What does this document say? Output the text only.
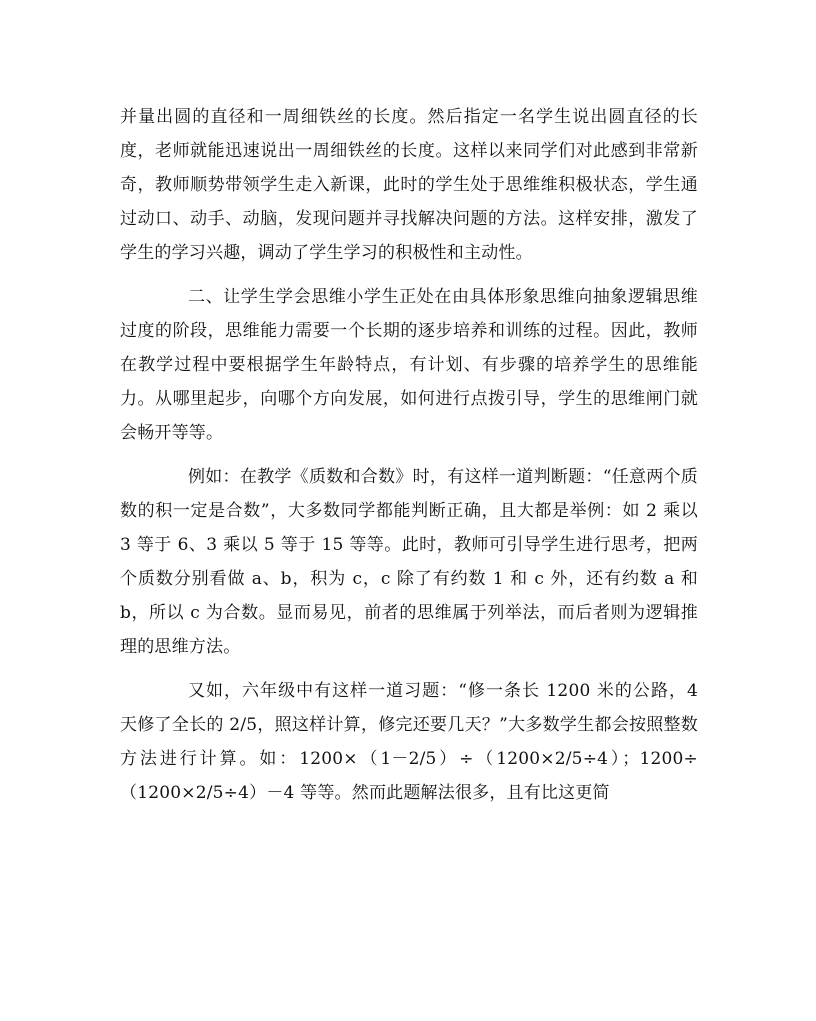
并量出圆的直径和一周细铁丝的长度。然后指定一名学生说出圆直径的长度，老师就能迅速说出一周细铁丝的长度。这样以来同学们对此感到非常新奇，教师顺势带领学生走入新课，此时的学生处于思维维积极状态，学生通过动口、动手、动脑，发现问题并寻找解决问题的方法。这样安排，激发了学生的学习兴趣，调动了学生学习的积极性和主动性。

二、让学生学会思维小学生正处在由具体形象思维向抽象逻辑思维过度的阶段，思维能力需要一个长期的逐步培养和训练的过程。因此，教师在教学过程中要根据学生年龄特点，有计划、有步骤的培养学生的思维能力。从哪里起步，向哪个方向发展，如何进行点拨引导，学生的思维闸门就会畅开等等。

例如：在教学《质数和合数》时，有这样一道判断题：“任意两个质数的积一定是合数”，大多数同学都能判断正确，且大都是举例：如 2 乘以 3 等于 6、3 乘以 5 等于 15 等等。此时，教师可引导学生进行思考，把两个质数分别看做 a、b，积为 c，c 除了有约数 1 和 c 外，还有约数 a 和 b，所以 c 为合数。显而易见，前者的思维属于列举法，而后者则为逻辑推理的思维方法。

又如，六年级中有这样一道习题：“修一条长 1200 米的公路，4 天修了全长的 2/5，照这样计算，修完还要几天？”大多数学生都会按照整数方法进行计算。如：1200×（1－2/5）÷（1200×2/5÷4）；1200÷（1200×2/5÷4）－4 等等。然而此题解法很多，且有比这更简
